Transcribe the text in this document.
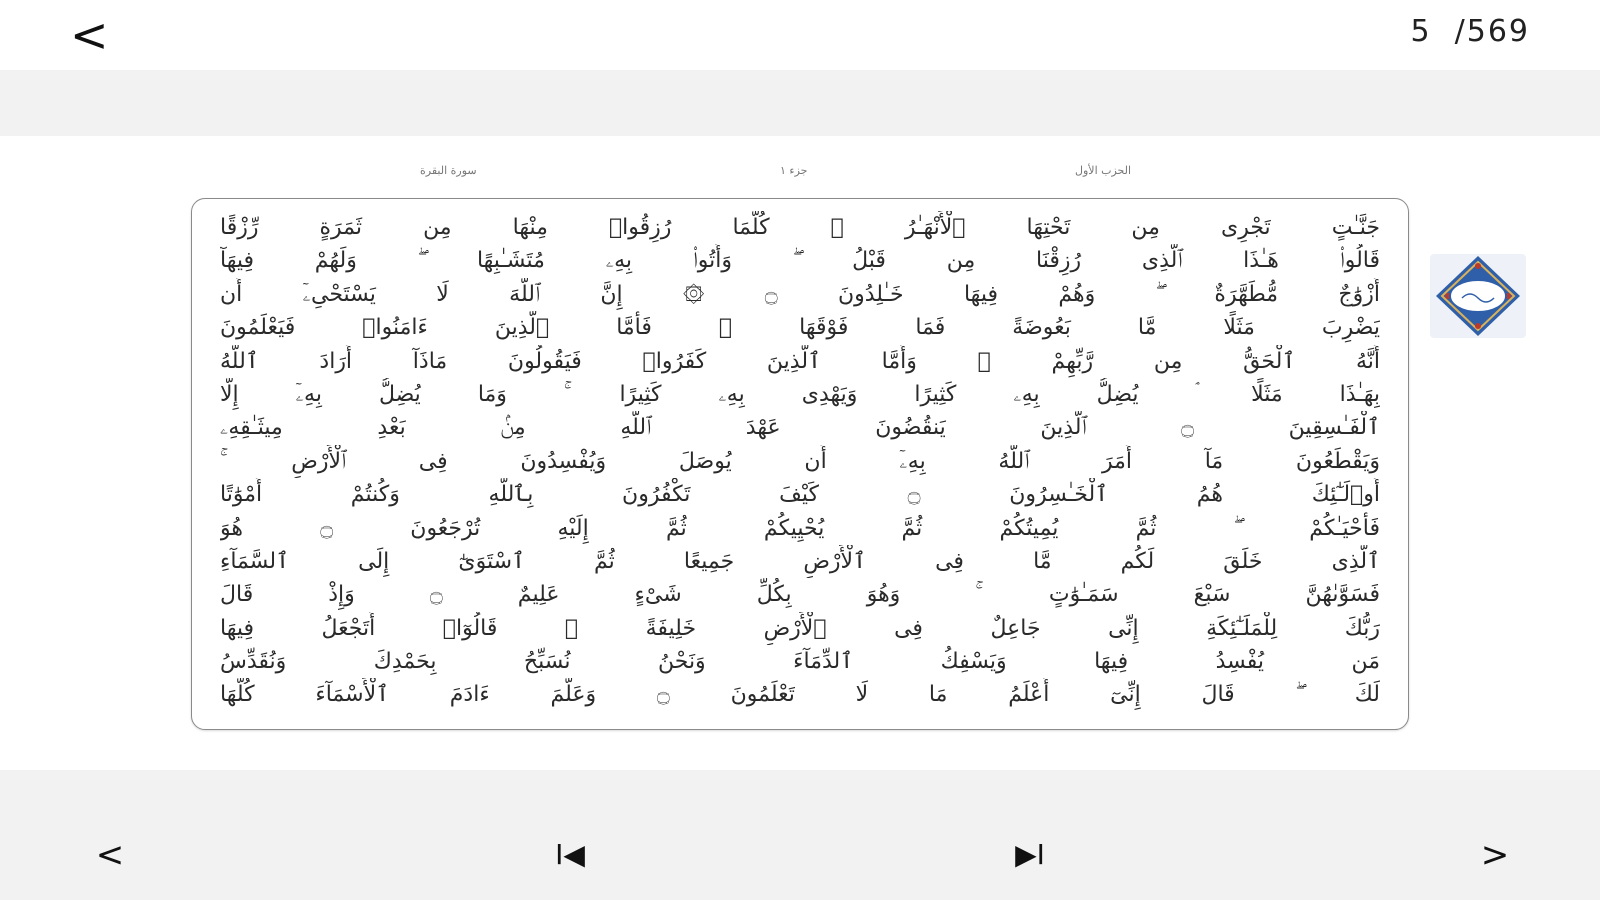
<	5 /569
سورة البقرة	جزء ١	الحزب الأول
جَنَّـٰتٍ تَجْرِى مِن تَحْتِهَا ٱلْأَنْهَـٰرُ ۖ كُلَّمَا رُزِقُوا۟ مِنْهَا مِن ثَمَرَةٍ رِّزْقًا
قَالُوا۟ هَـٰذَا ٱلَّذِى رُزِقْنَا مِن قَبْلُ ۖ وَأُتُوا۟ بِهِۦ مُتَشَـٰبِهًا ۖ وَلَهُمْ فِيهَآ
أَزْوَٰجٌ مُّطَهَّرَةٌ ۖ وَهُمْ فِيهَا خَـٰلِدُونَ ۝ ۞ إِنَّ ٱللَّهَ لَا يَسْتَحْىِۦٓ أَن
يَضْرِبَ مَثَلًا مَّا بَعُوضَةً فَمَا فَوْقَهَا ۚ فَأَمَّا ٱلَّذِينَ ءَامَنُوا۟ فَيَعْلَمُونَ
أَنَّهُ ٱلْحَقُّ مِن رَّبِّهِمْ ۖ وَأَمَّا ٱلَّذِينَ كَفَرُوا۟ فَيَقُولُونَ مَاذَآ أَرَادَ ٱللَّهُ
بِهَـٰذَا مَثَلًا ۘ يُضِلُّ بِهِۦ كَثِيرًا وَيَهْدِى بِهِۦ كَثِيرًا ۚ وَمَا يُضِلُّ بِهِۦٓ إِلَّا
ٱلْفَـٰسِقِينَ ۝ ٱلَّذِينَ يَنقُضُونَ عَهْدَ ٱللَّهِ مِنۢ بَعْدِ مِيثَـٰقِهِۦ
وَيَقْطَعُونَ مَآ أَمَرَ ٱللَّهُ بِهِۦٓ أَن يُوصَلَ وَيُفْسِدُونَ فِى ٱلْأَرْضِ ۚ
أُو۟لَـٰٓئِكَ هُمُ ٱلْخَـٰسِرُونَ ۝ كَيْفَ تَكْفُرُونَ بِٱللَّهِ وَكُنتُمْ أَمْوَٰتًا
فَأَحْيَـٰكُمْ ۖ ثُمَّ يُمِيتُكُمْ ثُمَّ يُحْيِيكُمْ ثُمَّ إِلَيْهِ تُرْجَعُونَ ۝ هُوَ
ٱلَّذِى خَلَقَ لَكُم مَّا فِى ٱلْأَرْضِ جَمِيعًا ثُمَّ ٱسْتَوَىٰٓ إِلَى ٱلسَّمَآءِ
فَسَوَّىٰهُنَّ سَبْعَ سَمَـٰوَٰتٍ ۚ وَهُوَ بِكُلِّ شَىْءٍ عَلِيمٌ ۝ وَإِذْ قَالَ
رَبُّكَ لِلْمَلَـٰٓئِكَةِ إِنِّى جَاعِلٌ فِى ٱلْأَرْضِ خَلِيفَةً ۖ قَالُوٓا۟ أَتَجْعَلُ فِيهَا
مَن يُفْسِدُ فِيهَا وَيَسْفِكُ ٱلدِّمَآءَ وَنَحْنُ نُسَبِّحُ بِحَمْدِكَ وَنُقَدِّسُ
لَكَ ۖ قَالَ إِنِّىٓ أَعْلَمُ مَا لَا تَعْلَمُونَ ۝ وَعَلَّمَ ءَادَمَ ٱلْأَسْمَآءَ كُلَّهَا
<	I◀	▶I	>
